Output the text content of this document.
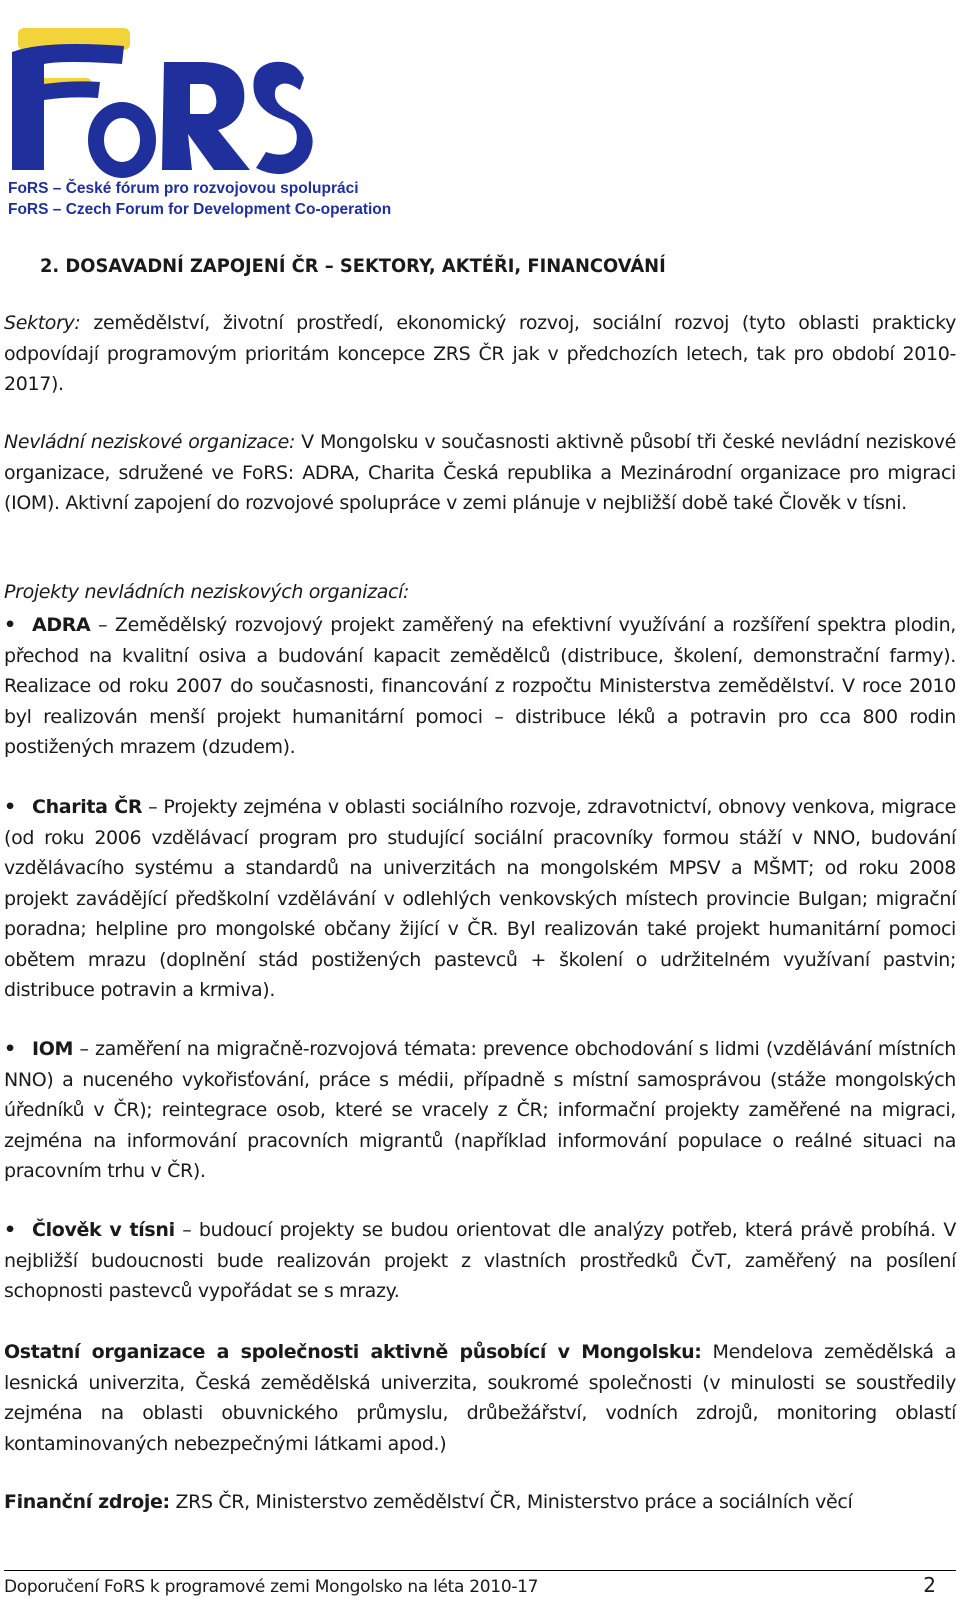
FoRS – České fórum pro rozvojovou spolupráci
FoRS – Czech Forum for Development Co-operation
2. DOSAVADNÍ ZAPOJENÍ ČR – SEKTORY, AKTÉŘI, FINANCOVÁNÍ

Sektory: zemědělství, životní prostředí, ekonomický rozvoj, sociální rozvoj (tyto oblasti prakticky odpovídají programovým prioritám koncepce ZRS ČR jak v předchozích letech, tak pro období 2010-2017).

Nevládní neziskové organizace: V Mongolsku v současnosti aktivně působí tři české nevládní neziskové organizace, sdružené ve FoRS: ADRA, Charita Česká republika a Mezinárodní organizace pro migraci (IOM). Aktivní zapojení do rozvojové spolupráce v zemi plánuje v nejbližší době také Člověk v tísni.

Projekty nevládních neziskových organizací:

• ADRA – Zemědělský rozvojový projekt zaměřený na efektivní využívání a rozšíření spektra plodin, přechod na kvalitní osiva a budování kapacit zemědělců (distribuce, školení, demonstrační farmy). Realizace od roku 2007 do současnosti, financování z rozpočtu Ministerstva zemědělství. V roce 2010 byl realizován menší projekt humanitární pomoci – distribuce léků a potravin pro cca 800 rodin postižených mrazem (dzudem).

• Charita ČR – Projekty zejména v oblasti sociálního rozvoje, zdravotnictví, obnovy venkova, migrace (od roku 2006 vzdělávací program pro studující sociální pracovníky formou stáží v NNO, budování vzdělávacího systému a standardů na univerzitách na mongolském MPSV a MŠMT; od roku 2008 projekt zavádějící předškolní vzdělávání v odlehlých venkovských místech provincie Bulgan; migrační poradna; helpline pro mongolské občany žijící v ČR. Byl realizován také projekt humanitární pomoci obětem mrazu (doplnění stád postižených pastevců + školení o udržitelném využívaní pastvin; distribuce potravin a krmiva).

• IOM – zaměření na migračně-rozvojová témata: prevence obchodování s lidmi (vzdělávání místních NNO) a nuceného vykořisťování, práce s médii, případně s místní samosprávou (stáže mongolských úředníků v ČR); reintegrace osob, které se vracely z ČR; informační projekty zaměřené na migraci, zejména na informování pracovních migrantů (například informování populace o reálné situaci na pracovním trhu v ČR).

• Člověk v tísni – budoucí projekty se budou orientovat dle analýzy potřeb, která právě probíhá. V nejbližší budoucnosti bude realizován projekt z vlastních prostředků ČvT, zaměřený na posílení schopnosti pastevců vypořádat se s mrazy.

Ostatní organizace a společnosti aktivně působící v Mongolsku: Mendelova zemědělská a lesnická univerzita, Česká zemědělská univerzita, soukromé společnosti (v minulosti se soustředily zejména na oblasti obuvnického průmyslu, drůbežářství, vodních zdrojů, monitoring oblastí kontaminovaných nebezpečnými látkami apod.)

Finanční zdroje: ZRS ČR, Ministerstvo zemědělství ČR, Ministerstvo práce a sociálních věcí

Doporučení FoRS k programové zemi Mongolsko na léta 2010-17	2
